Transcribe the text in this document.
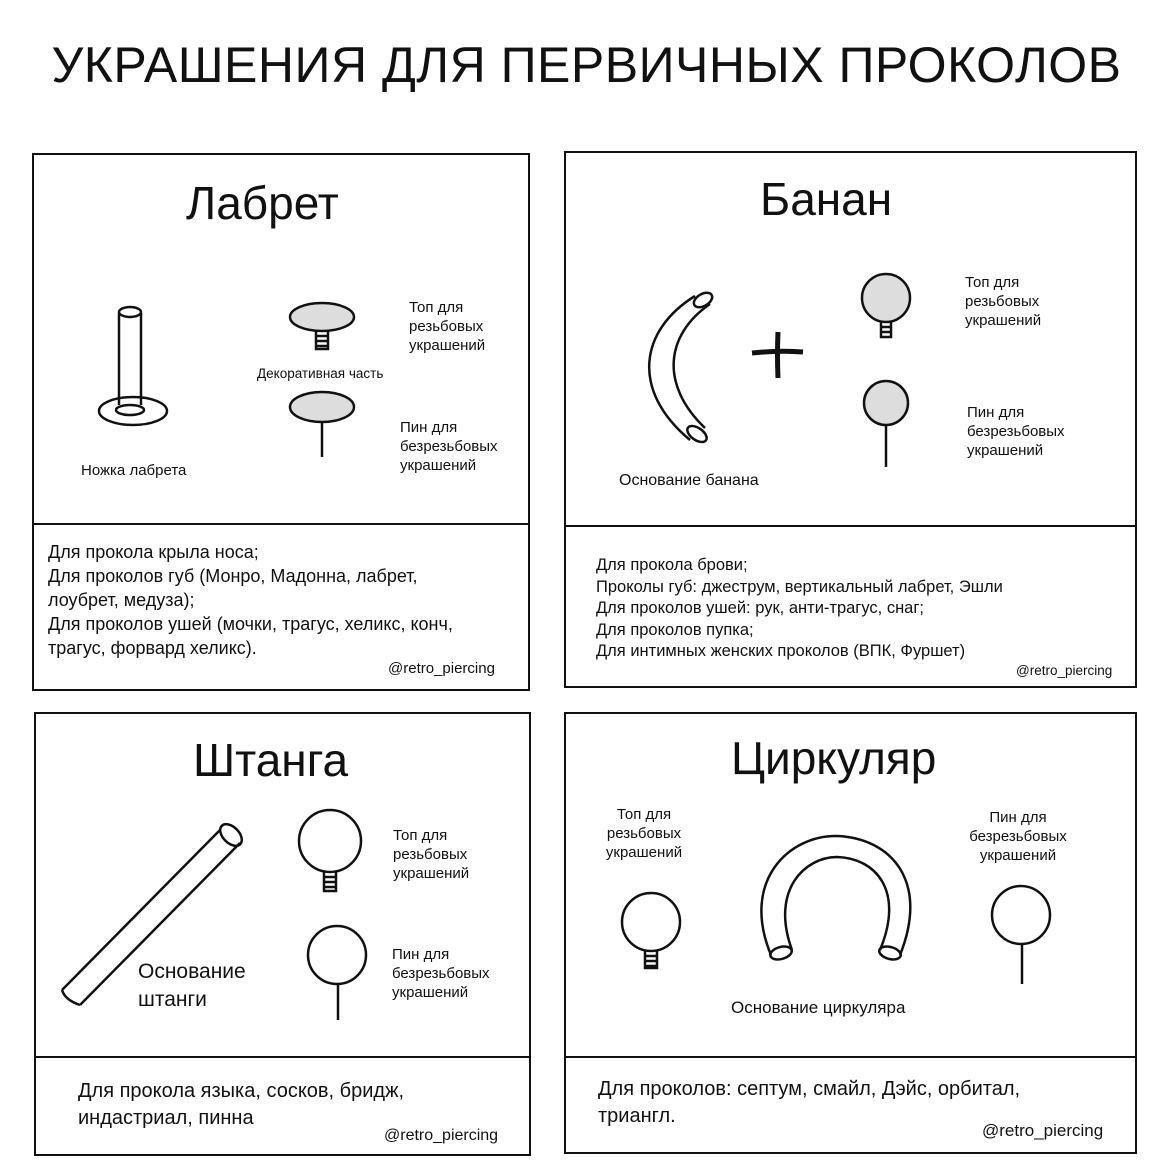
УКРАШЕНИЯ ДЛЯ ПЕРВИЧНЫХ ПРОКОЛОВ
Лабрет
Ножка лабрета
Декоративная часть
Топ для
резьбовых
украшений
Пин для
безрезьбовых
украшений
Для прокола крыла носа;
Для проколов губ (Монро, Мадонна, лабрет,
лоубрет, медуза);
Для проколов ушей (мочки, трагус, хеликс, конч,
трагус, форвард хеликс).
@retro_piercing
Банан
Основание банана
Топ для
резьбовых
украшений
Пин для
безрезьбовых
украшений
Для прокола брови;
Проколы губ: джеструм, вертикальный лабрет, Эшли
Для проколов ушей: рук, анти-трагус, снаг;
Для проколов пупка;
Для интимных женских проколов (ВПК, Фуршет)
@retro_piercing
Штанга
Основание
штанги
Топ для
резьбовых
украшений
Пин для
безрезьбовых
украшений
Для прокола языка, сосков, бридж,
индастриал, пинна
@retro_piercing
Циркуляр
Основание циркуляра
Топ для
резьбовых
украшений
Пин для
безрезьбовых
украшений
Для проколов: септум, смайл, Дэйс, орбитал,
триангл.
@retro_piercing
